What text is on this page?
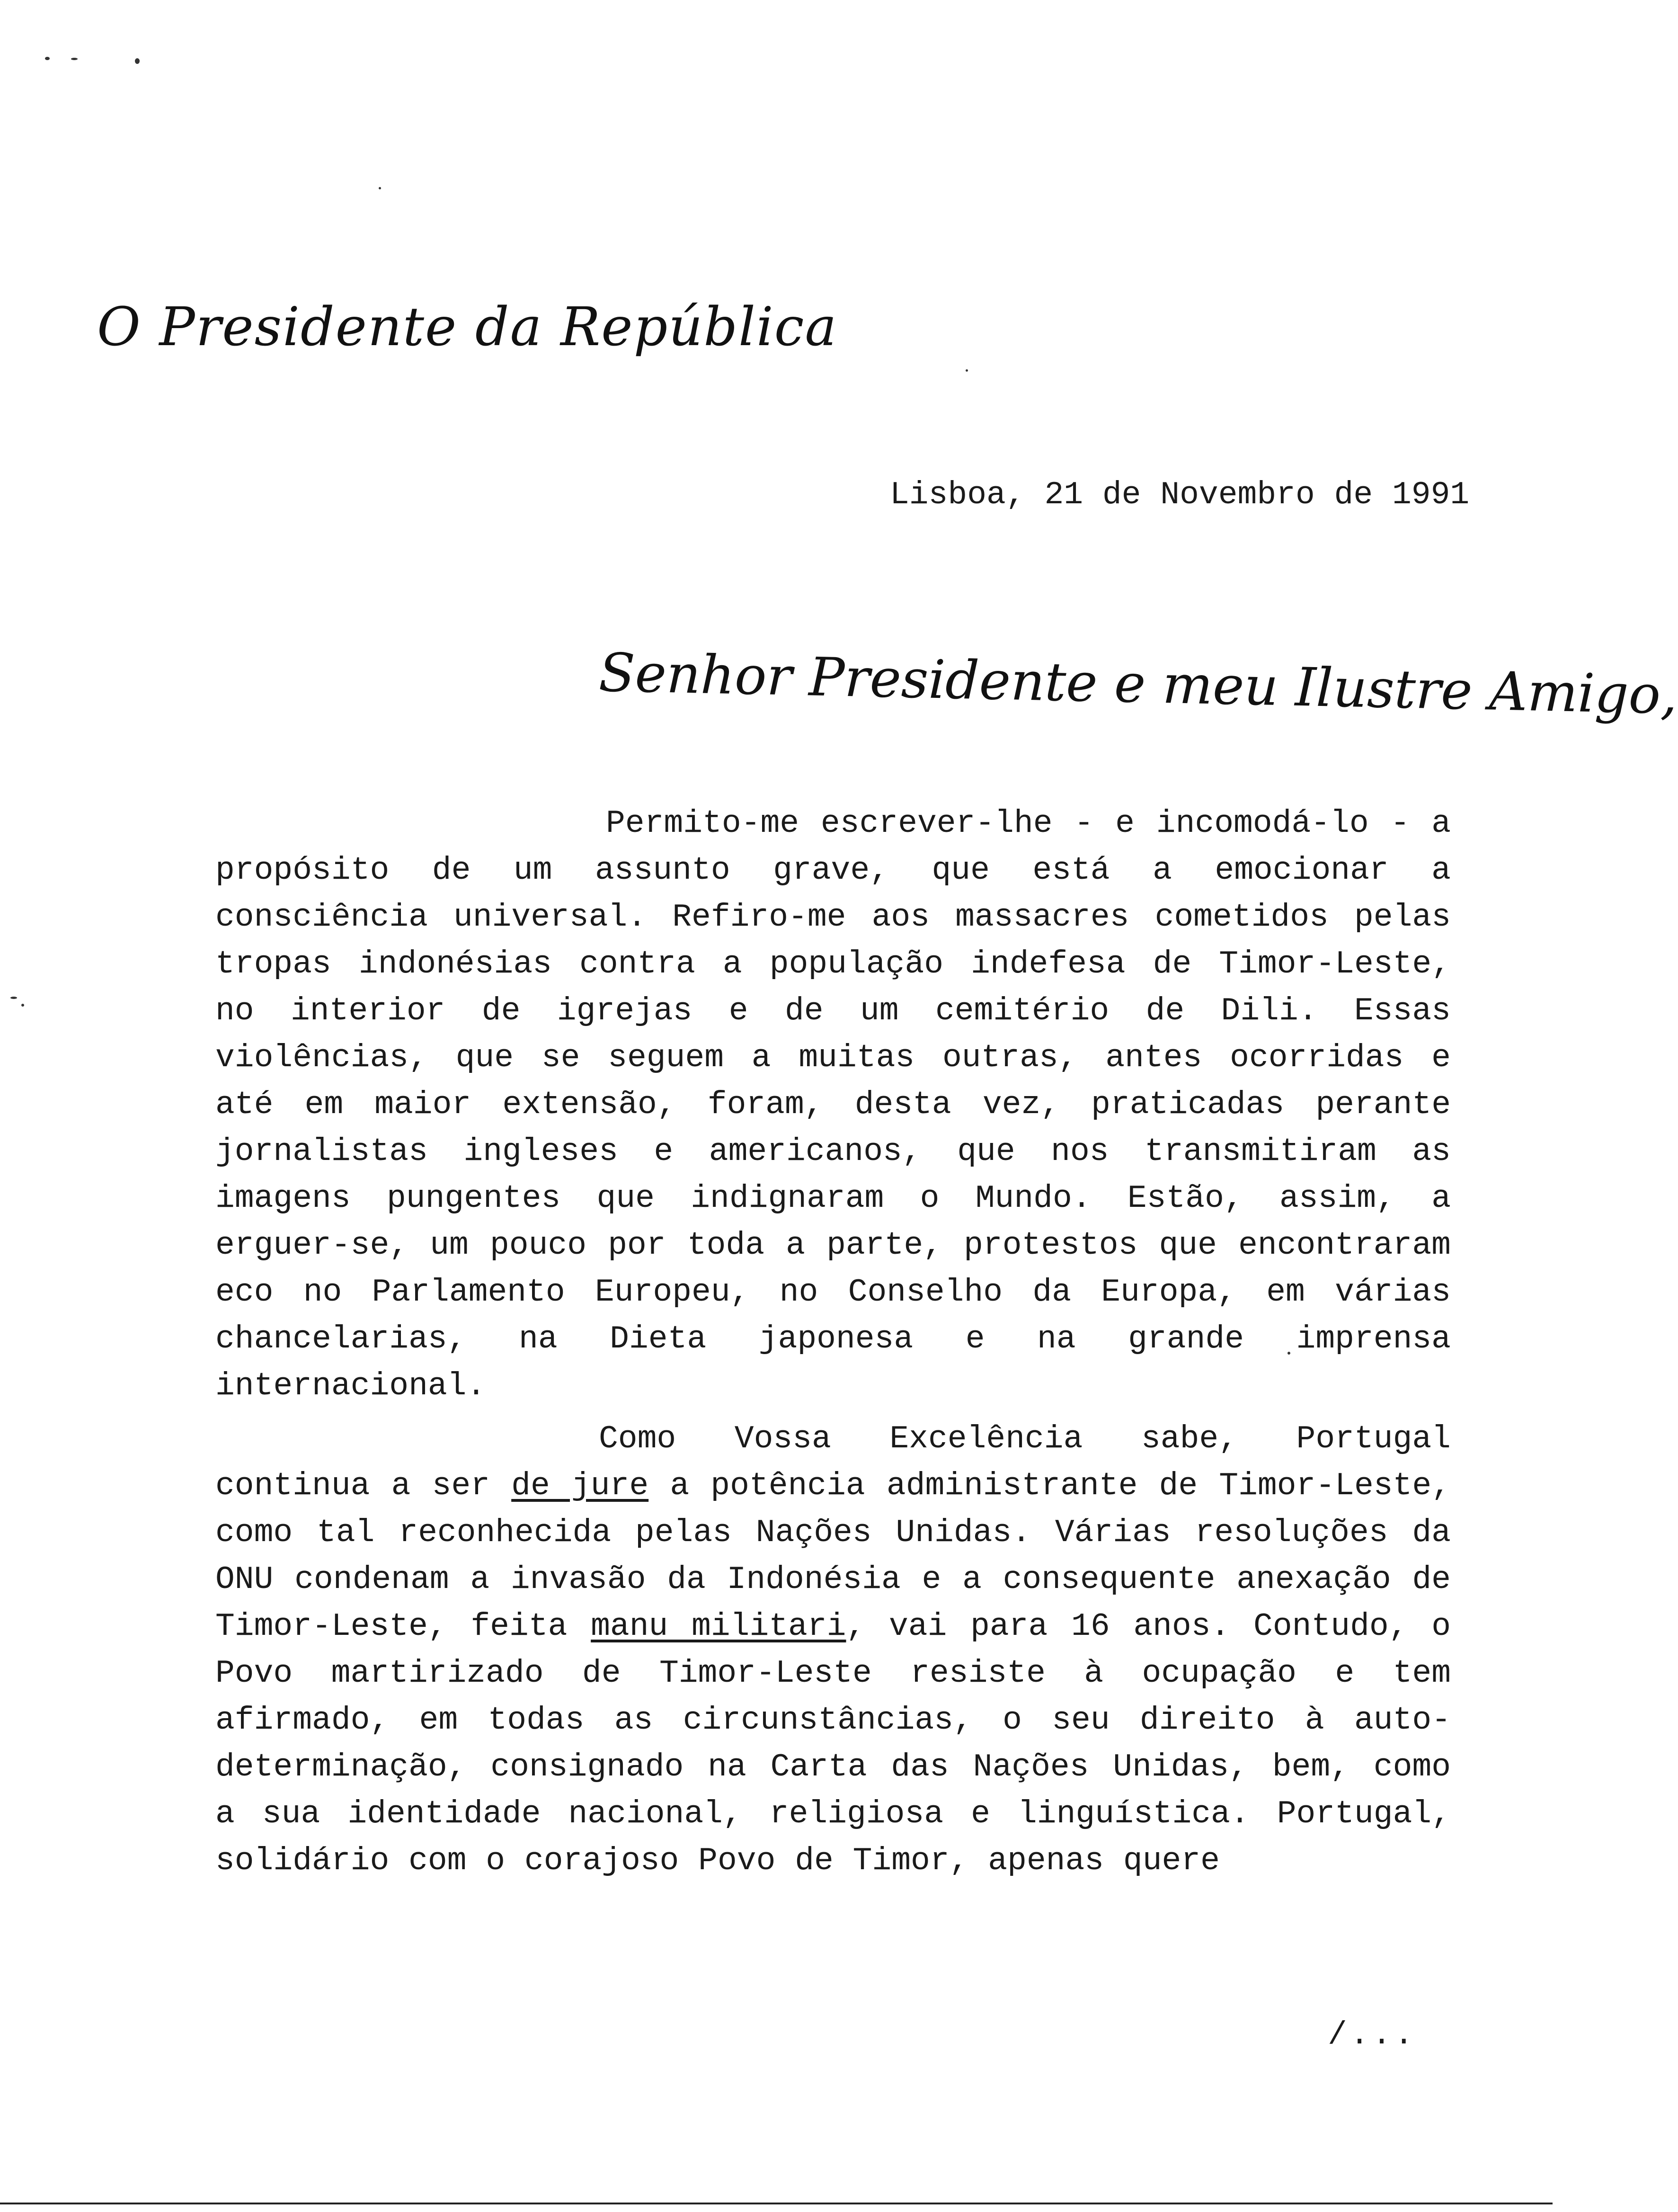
O Presidente da República
Lisboa, 21 de Novembro de 1991
Senhor Presidente e meu Ilustre Amigo,
Permito-me escrever-lhe - e incomodá-lo - a propósito de um assunto grave, que está a emocionar a consciência universal. Refiro-me aos massacres cometidos pelas tropas indonésias contra a população indefesa de Timor-Leste, no interior de igrejas e de um cemitério de Dili. Essas violências, que se seguem a muitas outras, antes ocorridas e até em maior extensão, foram, desta vez, praticadas perante jornalistas ingleses e americanos, que nos transmitiram as imagens pungentes que indignaram o Mundo. Estão, assim, a erguer-se, um pouco por toda a parte, protestos que encontraram eco no Parlamento Europeu, no Conselho da Europa, em várias chancelarias, na Dieta japonesa e na grande imprensa internacional.
Como Vossa Excelência sabe, Portugal continua a ser de jure a potência administrante de Timor-Leste, como tal reconhecida pelas Nações Unidas. Várias resoluções da ONU condenam a invasão da Indonésia e a consequente anexação de Timor-Leste, feita manu militari, vai para 16 anos. Contudo, o Povo martirizado de Timor-Leste resiste à ocupação e tem afirmado, em todas as circunstâncias, o seu direito à auto-determinação, consignado na Carta das Nações Unidas, bem, como a sua identidade nacional, religiosa e linguística. Portugal, solidário com o corajoso Povo de Timor, apenas quere
/...
